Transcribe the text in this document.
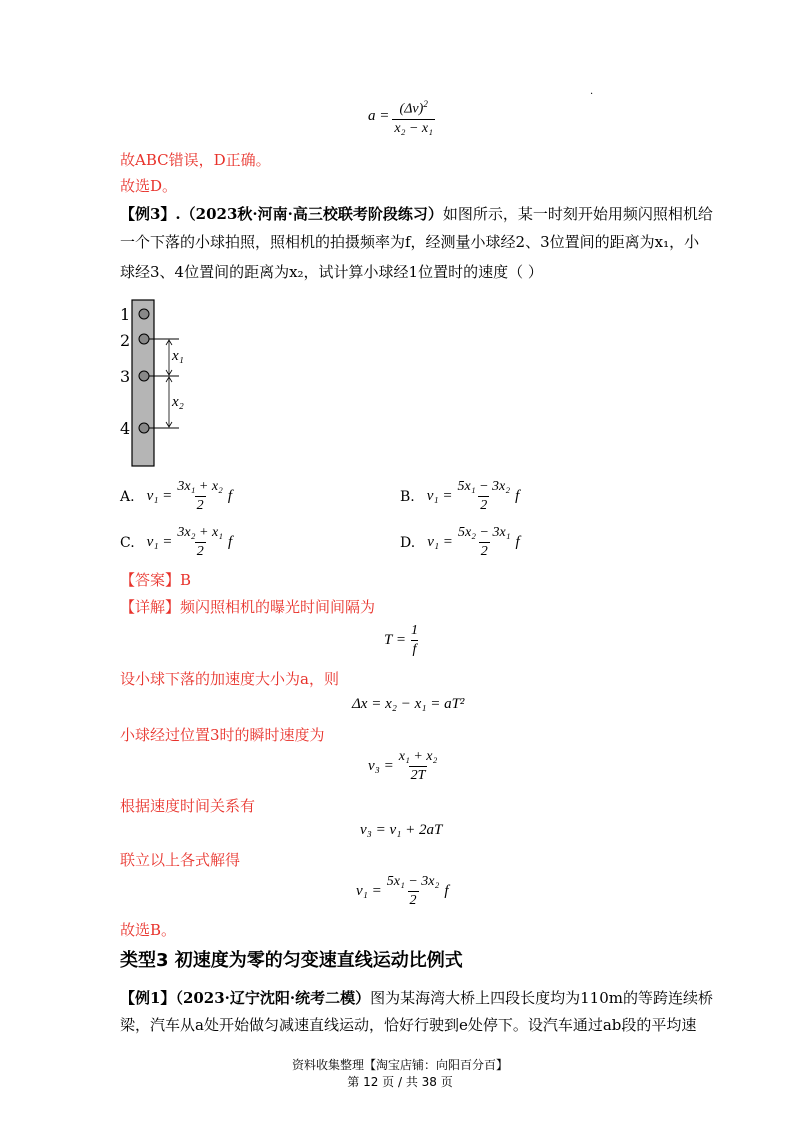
.
$a = \frac{(\Delta v)^2}{\text{x₂ − x₁}}$
故ABC错误，D正确。
故选D。
【例3】.（2023秋·河南·高三校联考阶段练习）如图所示，某一时刻开始用频闪照相机给
一个下落的小球拍照，照相机的拍摄频率为f，经测量小球经2、3位置间的距离为x₁，小
球经3、4位置间的距离为x₂，试计算小球经1位置时的速度（ ）
1
2
3
4
x₁
x₂
A. $v_1 = \frac{\text{3x₁ + x₂}}{2}$ f	B. $v_1 = \frac{\text{5x₁ − 3x₂}}{2}$ f
C. $v_1 = \frac{\text{3x₂ + x₁}}{2}$ f	D. $v_1 = \frac{\text{5x₂ − 3x₁}}{2}$ f
【答案】B
【详解】频闪照相机的曝光时间间隔为
$T = \frac{1}{f}$
设小球下落的加速度大小为a，则
Δx = x₂ − x₁ = aT²
小球经过位置3时的瞬时速度为
$v_3 = \frac{\text{x₁ + x₂}}{2T}$
根据速度时间关系有
v₃ = v₁ + 2aT
联立以上各式解得
$v_1 = \frac{\text{5x₁ − 3x₂}}{2}$ f
故选B。
类型3 初速度为零的匀变速直线运动比例式
【例1】（2023·辽宁沈阳·统考二模）图为某海湾大桥上四段长度均为110m的等跨连续桥
梁，汽车从a处开始做匀减速直线运动，恰好行驶到e处停下。设汽车通过ab段的平均速
资料收集整理【淘宝店铺：向阳百分百】
第 12 页 / 共 38 页
